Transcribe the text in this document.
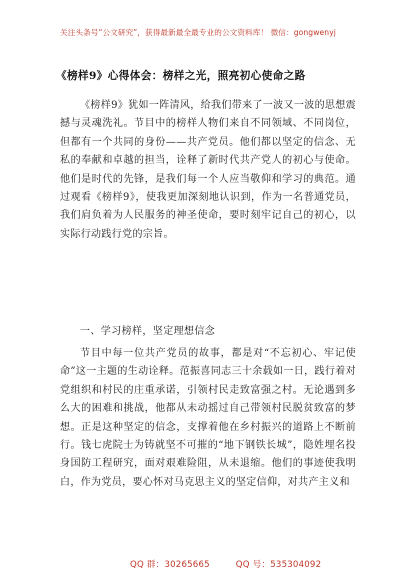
关注头条号“公文研究”，获得最新最全最专业的公文资料库！ 微信：gongwenyj
《榜样9》心得体会：榜样之光，照亮初心使命之路
《榜样9》犹如一阵清风，给我们带来了一波又一波的思想震撼与灵魂洗礼。节目中的榜样人物们来自不同领域、不同岗位，但都有一个共同的身份——共产党员。他们都以坚定的信念、无私的奉献和卓越的担当，诠释了新时代共产党人的初心与使命。他们是时代的先锋，是我们每一个人应当敬仰和学习的典范。通过观看《榜样9》，使我更加深刻地认识到，作为一名普通党员，我们肩负着为人民服务的神圣使命，要时刻牢记自己的初心，以实际行动践行党的宗旨。
一、学习榜样，坚定理想信念
节目中每一位共产党员的故事，都是对“不忘初心、牢记使命”这一主题的生动诠释。范振喜同志三十余载如一日，践行着对党组织和村民的庄重承诺，引领村民走致富强之村。无论遇到多么大的困难和挑战，他都从未动摇过自己带领村民脱贫致富的梦想。正是这种坚定的信念，支撑着他在乡村振兴的道路上不断前行。钱七虎院士为铸就坚不可摧的“地下钢铁长城”，隐姓埋名投身国防工程研究，面对艰难险阻，从未退缩。他们的事迹使我明白，作为党员，要心怀对马克思主义的坚定信仰，对共产主义和
QQ 群：30265665	QQ 号：535304092
